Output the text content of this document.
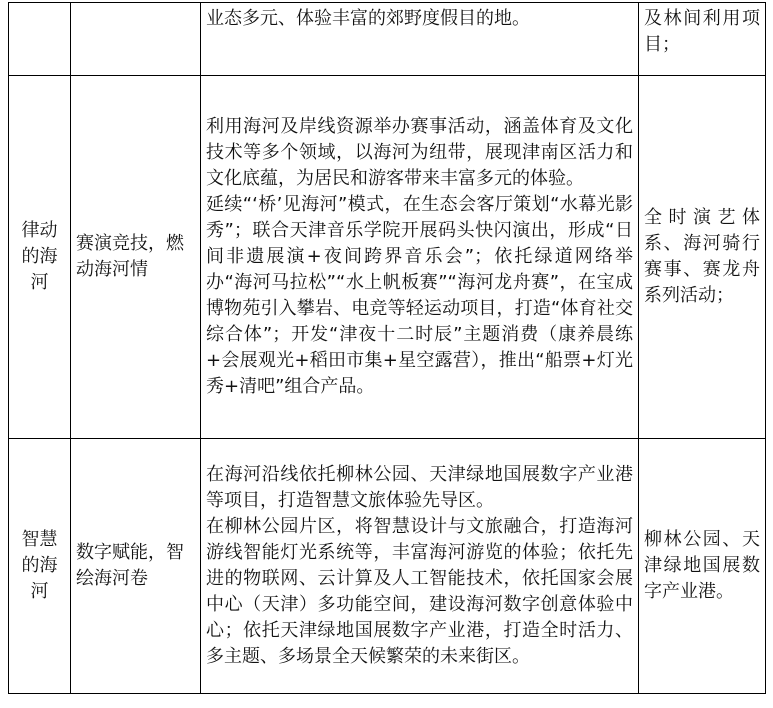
		业态多元、体验丰富的郊野度假目的地。	及林间利用项目；
律动的海河	赛演竞技，燃动海河情	利用海河及岸线资源举办赛事活动，涵盖体育及文化技术等多个领域，以海河为纽带，展现津南区活力和文化底蕴，为居民和游客带来丰富多元的体验。
延续“‘桥’见海河”模式，在生态会客厅策划“水幕光影秀”；联合天津音乐学院开展码头快闪演出，形成“日间非遗展演+夜间跨界音乐会”；依托绿道网络举办“海河马拉松”“水上帆板赛”“海河龙舟赛”，在宝成博物苑引入攀岩、电竞等轻运动项目，打造“体育社交综合体”；开发“津夜十二时辰”主题消费（康养晨练+会展观光+稻田市集+星空露营），推出“船票+灯光秀+清吧”组合产品。	全时演艺体系、海河骑行赛事、赛龙舟系列活动；
智慧的海河	数字赋能，智绘海河卷	在海河沿线依托柳林公园、天津绿地国展数字产业港等项目，打造智慧文旅体验先导区。
在柳林公园片区，将智慧设计与文旅融合，打造海河游线智能灯光系统等，丰富海河游览的体验；依托先进的物联网、云计算及人工智能技术，依托国家会展中心（天津）多功能空间，建设海河数字创意体验中心；依托天津绿地国展数字产业港，打造全时活力、多主题、多场景全天候繁荣的未来街区。	柳林公园、天津绿地国展数字产业港。
